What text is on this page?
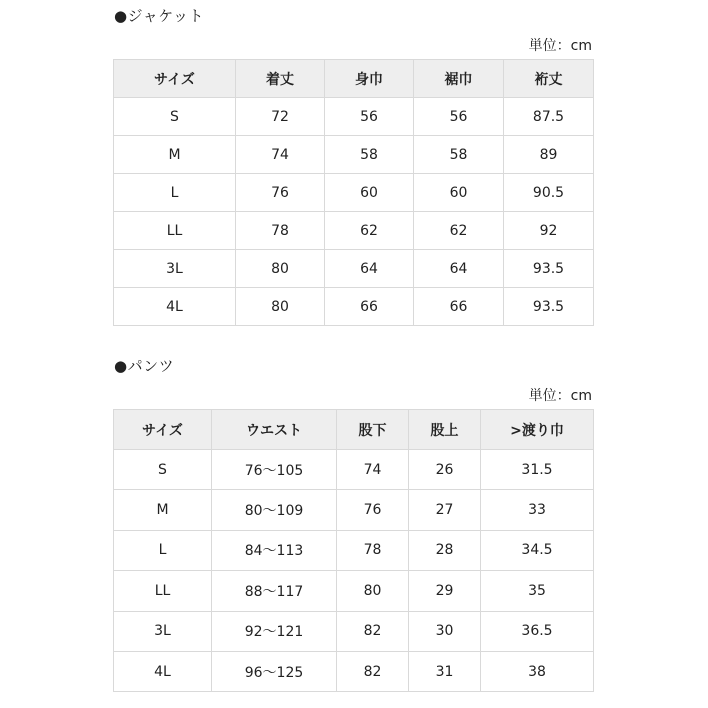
●ジャケット
単位：cm
サイズ	着丈	身巾	裾巾	裄丈
S	72	56	56	87.5
M	74	58	58	89
L	76	60	60	90.5
LL	78	62	62	92
3L	80	64	64	93.5
4L	80	66	66	93.5
●パンツ
単位：cm
サイズ	ウエスト	股下	股上	>渡り巾
S	76～105	74	26	31.5
M	80～109	76	27	33
L	84～113	78	28	34.5
LL	88～117	80	29	35
3L	92～121	82	30	36.5
4L	96～125	82	31	38
